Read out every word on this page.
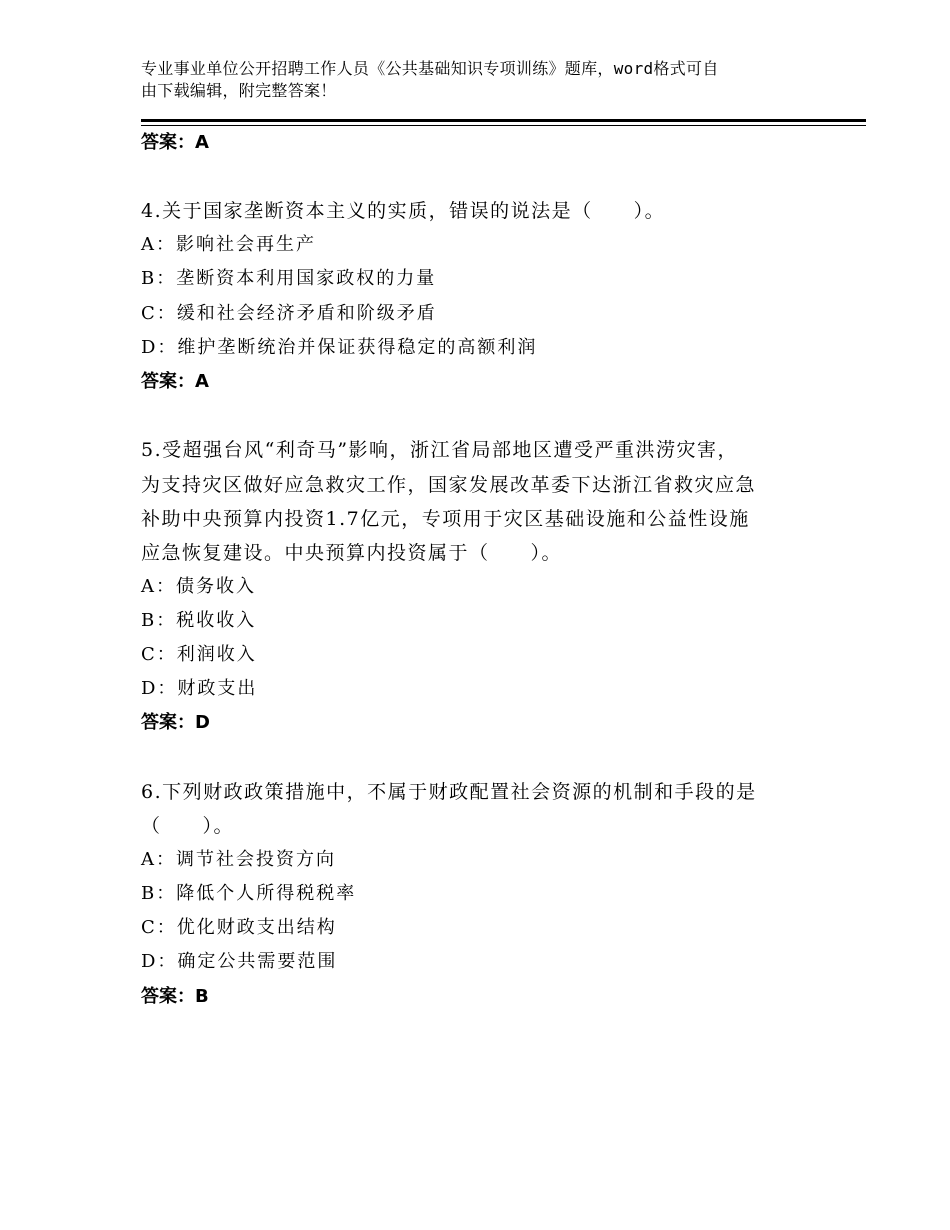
专业事业单位公开招聘工作人员《公共基础知识专项训练》题库，word格式可自
由下载编辑，附完整答案！
答案：A
4.关于国家垄断资本主义的实质，错误的说法是（　　）。
A：影响社会再生产
B：垄断资本利用国家政权的力量
C：缓和社会经济矛盾和阶级矛盾
D：维护垄断统治并保证获得稳定的高额利润
答案：A
5.受超强台风“利奇马”影响，浙江省局部地区遭受严重洪涝灾害，
为支持灾区做好应急救灾工作，国家发展改革委下达浙江省救灾应急
补助中央预算内投资1.7亿元，专项用于灾区基础设施和公益性设施
应急恢复建设。中央预算内投资属于（　　）。
A：债务收入
B：税收收入
C：利润收入
D：财政支出
答案：D
6.下列财政政策措施中，不属于财政配置社会资源的机制和手段的是
（　　）。
A：调节社会投资方向
B：降低个人所得税税率
C：优化财政支出结构
D：确定公共需要范围
答案：B
